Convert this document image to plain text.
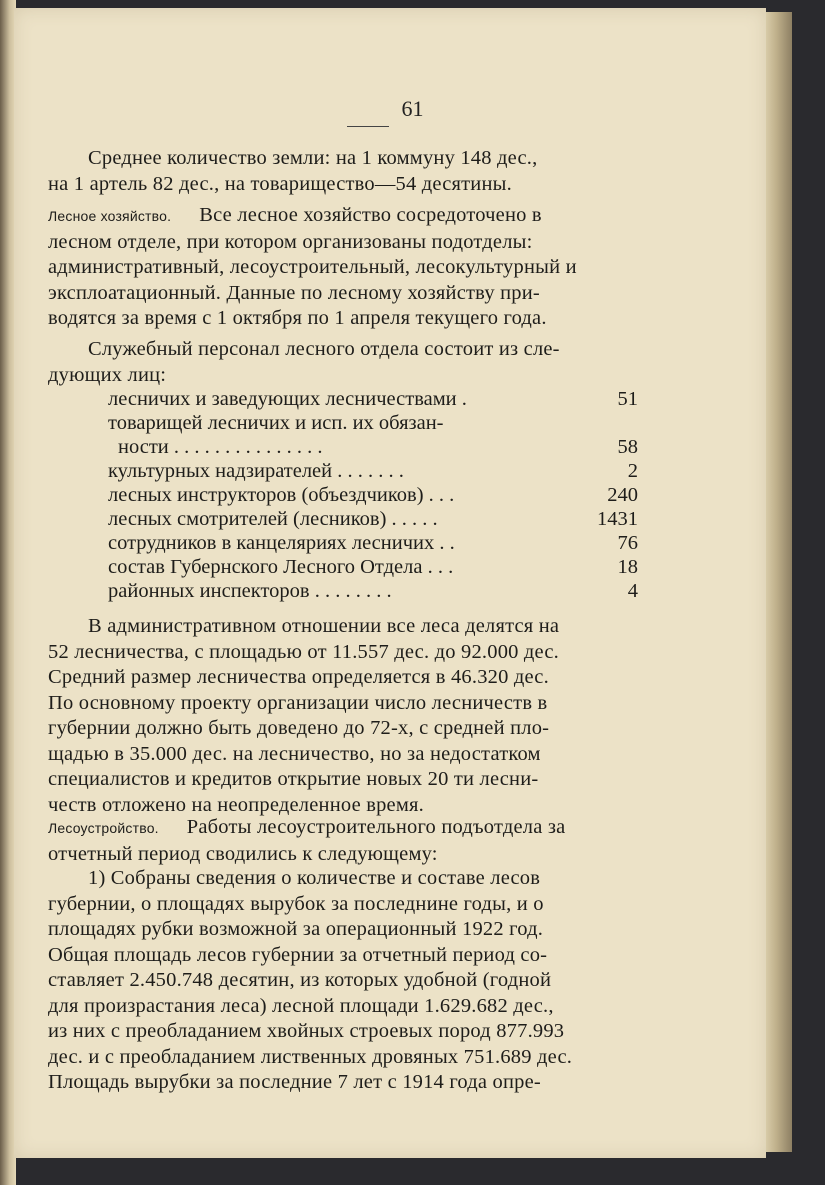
61

Среднее количество земли: на 1 коммуну 148 дес.,
на 1 артель 82 дес., на товарищество—54 десятины.

Лесное хозяйство. Все лесное хозяйство сосредоточено в
лесном отделе, при котором организованы подотделы:
административный, лесоустроительный, лесокультурный и
эксплоатационный. Данные по лесному хозяйству при-
водятся за время с 1 октября по 1 апреля текущего года.

Служебный персонал лесного отдела состоит из сле-
дующих лиц:

лесничих и заведующих лесничествами .	51
товарищей лесничих и исп. их обязан-
ности . . . . . . . . . . . . . . .	58
культурных надзирателей . . . . . . .	2
лесных инструкторов (объездчиков) . . .	240
лесных смотрителей (лесников) . . . . .	1431
сотрудников в канцеляриях лесничих . .	76
состав Губернского Лесного Отдела . . .	18
районных инспекторов . . . . . . . .	4

В административном отношении все леса делятся на
52 лесничества, с площадью от 11.557 дес. до 92.000 дес.
Средний размер лесничества определяется в 46.320 дес.
По основному проекту организации число лесничеств в
губернии должно быть доведено до 72-х, с средней пло-
щадью в 35.000 дес. на лесничество, но за недостатком
специалистов и кредитов открытие новых 20 ти лесни-
честв отложено на неопределенное время.

Лесоустройство. Работы лесоустроительного подъотдела за
отчетный период сводились к следующему:

1) Собраны сведения о количестве и составе лесов
губернии, о площадях вырубок за последнине годы, и о
площадях рубки возможной за операционный 1922 год.
Общая площадь лесов губернии за отчетный период со-
ставляет 2.450.748 десятин, из которых удобной (годной
для произрастания леса) лесной площади 1.629.682 дес.,
из них с преобладанием хвойных строевых пород 877.993
дес. и с преобладанием лиственных дровяных 751.689 дес.
Площадь вырубки за последние 7 лет с 1914 года опре-
